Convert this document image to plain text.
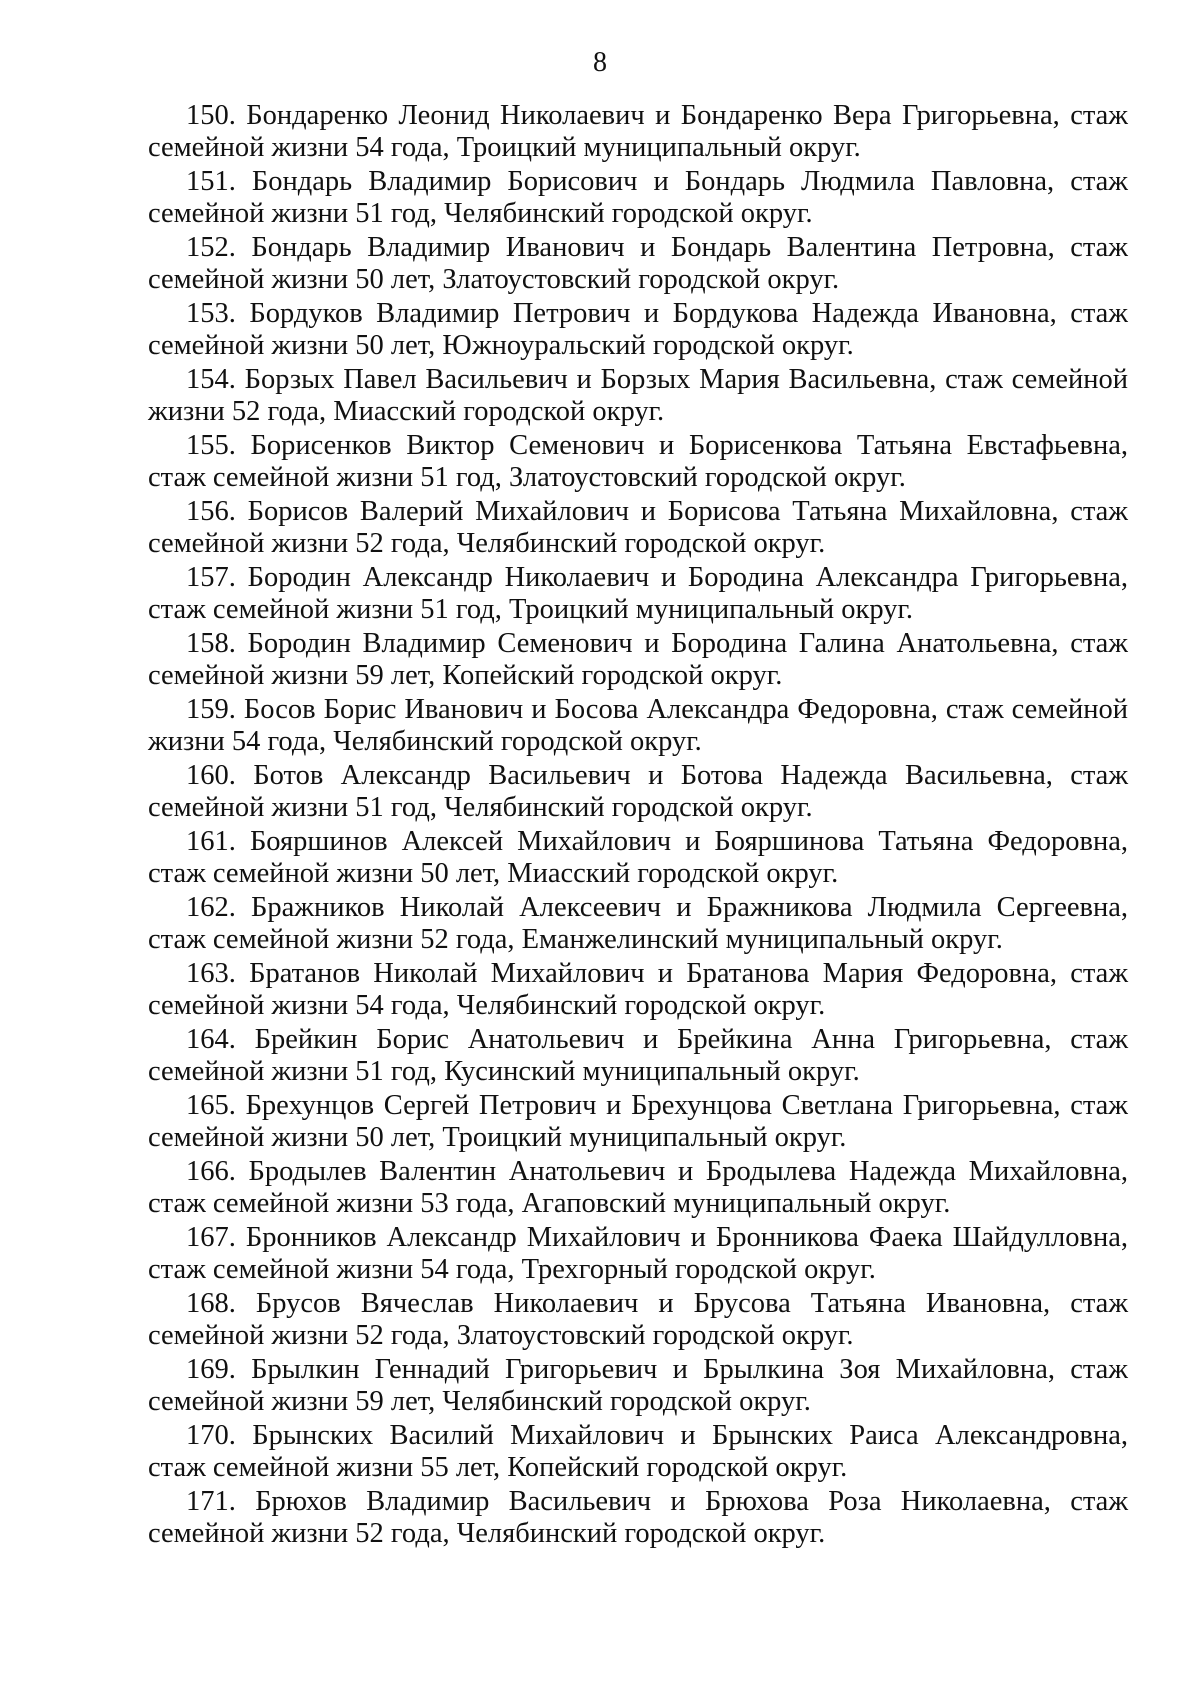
8

150. Бондаренко Леонид Николаевич и Бондаренко Вера Григорьевна, стаж семейной жизни 54 года, Троицкий муниципальный округ.

151. Бондарь Владимир Борисович и Бондарь Людмила Павловна, стаж семейной жизни 51 год, Челябинский городской округ.

152. Бондарь Владимир Иванович и Бондарь Валентина Петровна, стаж семейной жизни 50 лет, Златоустовский городской округ.

153. Бордуков Владимир Петрович и Бордукова Надежда Ивановна, стаж семейной жизни 50 лет, Южноуральский городской округ.

154. Борзых Павел Васильевич и Борзых Мария Васильевна, стаж семейной жизни 52 года, Миасский городской округ.

155. Борисенков Виктор Семенович и Борисенкова Татьяна Евстафьевна, стаж семейной жизни 51 год, Златоустовский городской округ.

156. Борисов Валерий Михайлович и Борисова Татьяна Михайловна, стаж семейной жизни 52 года, Челябинский городской округ.

157. Бородин Александр Николаевич и Бородина Александра Григорьевна, стаж семейной жизни 51 год, Троицкий муниципальный округ.

158. Бородин Владимир Семенович и Бородина Галина Анатольевна, стаж семейной жизни 59 лет, Копейский городской округ.

159. Босов Борис Иванович и Босова Александра Федоровна, стаж семейной жизни 54 года, Челябинский городской округ.

160. Ботов Александр Васильевич и Ботова Надежда Васильевна, стаж семейной жизни 51 год, Челябинский городской округ.

161. Бояршинов Алексей Михайлович и Бояршинова Татьяна Федоровна, стаж семейной жизни 50 лет, Миасский городской округ.

162. Бражников Николай Алексеевич и Бражникова Людмила Сергеевна, стаж семейной жизни 52 года, Еманжелинский муниципальный округ.

163. Братанов Николай Михайлович и Братанова Мария Федоровна, стаж семейной жизни 54 года, Челябинский городской округ.

164. Брейкин Борис Анатольевич и Брейкина Анна Григорьевна, стаж семейной жизни 51 год, Кусинский муниципальный округ.

165. Брехунцов Сергей Петрович и Брехунцова Светлана Григорьевна, стаж семейной жизни 50 лет, Троицкий муниципальный округ.

166. Бродылев Валентин Анатольевич и Бродылева Надежда Михайловна, стаж семейной жизни 53 года, Агаповский муниципальный округ.

167. Бронников Александр Михайлович и Бронникова Фаека Шайдулловна, стаж семейной жизни 54 года, Трехгорный городской округ.

168. Брусов Вячеслав Николаевич и Брусова Татьяна Ивановна, стаж семейной жизни 52 года, Златоустовский городской округ.

169. Брылкин Геннадий Григорьевич и Брылкина Зоя Михайловна, стаж семейной жизни 59 лет, Челябинский городской округ.

170. Брынских Василий Михайлович и Брынских Раиса Александровна, стаж семейной жизни 55 лет, Копейский городской округ.

171. Брюхов Владимир Васильевич и Брюхова Роза Николаевна, стаж семейной жизни 52 года, Челябинский городской округ.
